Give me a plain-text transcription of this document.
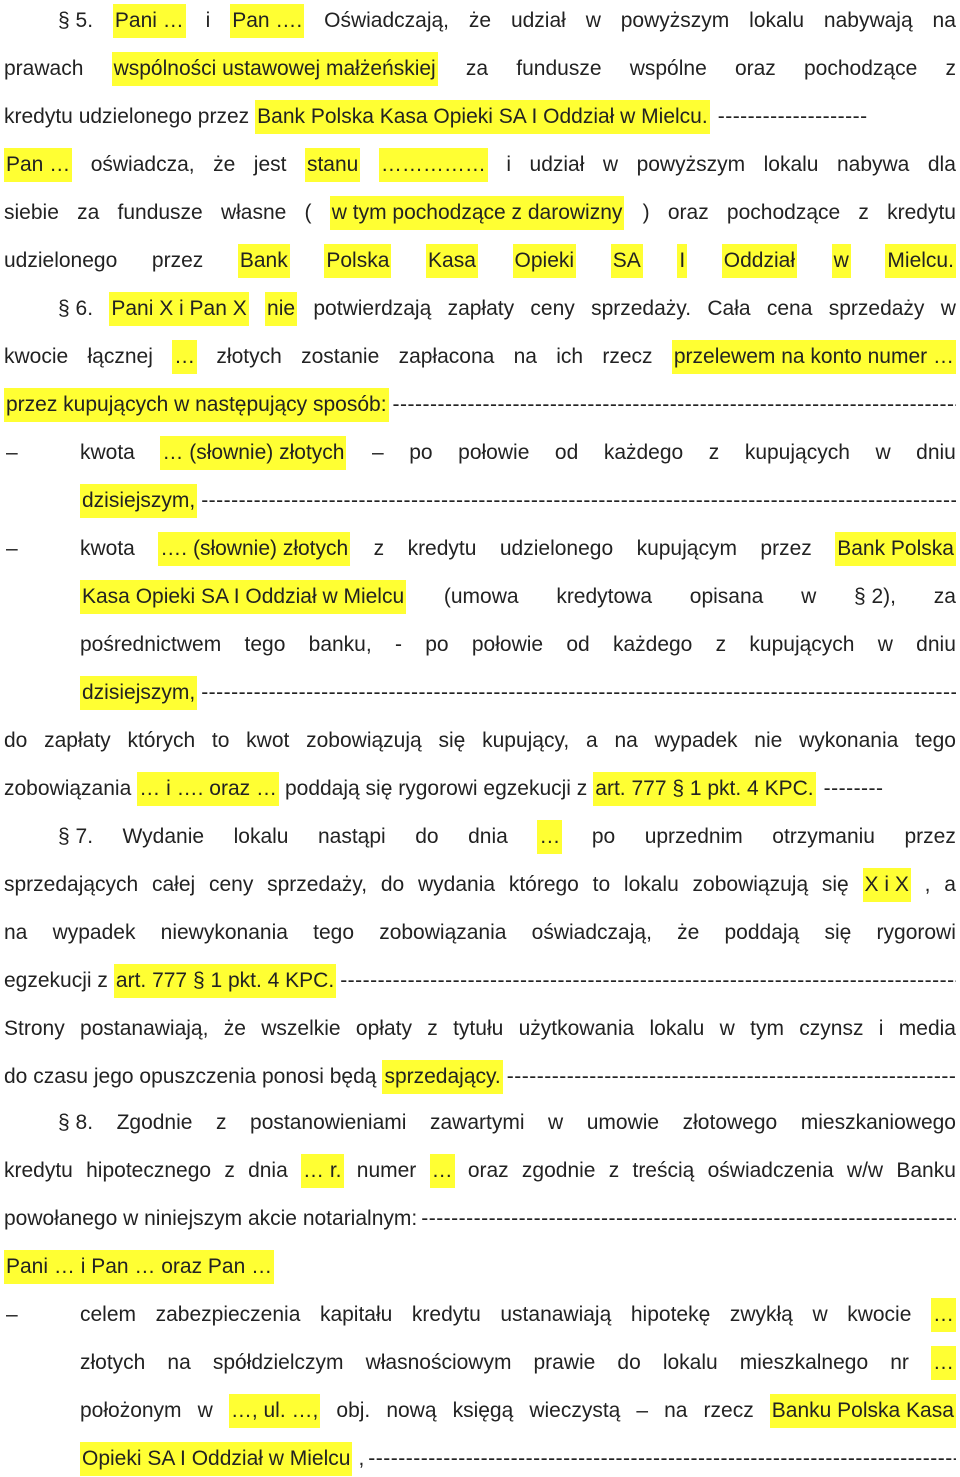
§ 5. Pani … i Pan …. Oświadczają, że udział w powyższym lokalu nabywają na
prawach wspólności ustawowej małżeńskiej za fundusze wspólne oraz pochodzące z
kredytu udzielonego przez Bank Polska Kasa Opieki SA I Oddział w Mielcu. --------------------
Pan … oświadcza, że jest stanu …………… i udział w powyższym lokalu nabywa dla
siebie za fundusze własne ( w tym pochodzące z darowizny ) oraz pochodzące z kredytu
udzielonego przez Bank Polska Kasa Opieki SA I Oddział w Mielcu.
§ 6. Pani X i Pan X nie potwierdzają zapłaty ceny sprzedaży. Cała cena sprzedaży w
kwocie łącznej … złotych zostanie zapłacona na ich rzecz przelewem na konto numer …
przez kupujących w następujący sposób:
-----
–	kwota … (słownie) złotych – po połowie od każdego z kupujących w dniu
dzisiejszym,
-----
–	kwota …. (słownie) złotych z kredytu udzielonego kupującym przez Bank Polska
Kasa Opieki SA I Oddział w Mielcu (umowa kredytowa opisana w § 2), za
pośrednictwem tego banku, - po połowie od każdego z kupujących w dniu
dzisiejszym,
-----
do zapłaty których to kwot zobowiązują się kupujący, a na wypadek nie wykonania tego
zobowiązania … i …. oraz … poddają się rygorowi egzekucji z art. 777 § 1 pkt. 4 KPC. --------
§ 7. Wydanie lokalu nastąpi do dnia … po uprzednim otrzymaniu przez
sprzedających całej ceny sprzedaży, do wydania którego to lokalu zobowiązują się X i X , a
na wypadek niewykonania tego zobowiązania oświadczają, że poddają się rygorowi
egzekucji z art. 777 § 1 pkt. 4 KPC.
-----
Strony postanawiają, że wszelkie opłaty z tytułu użytkowania lokalu w tym czynsz i media
do czasu jego opuszczenia ponosi będą sprzedający.
-----
§ 8. Zgodnie z postanowieniami zawartymi w umowie złotowego mieszkaniowego
kredytu hipotecznego z dnia … r. numer … oraz zgodnie z treścią oświadczenia w/w Banku
powołanego w niniejszym akcie notarialnym:
-----
Pani … i Pan … oraz Pan …
–	celem zabezpieczenia kapitału kredytu ustanawiają hipotekę zwykłą w kwocie …
złotych na spółdzielczym własnościowym prawie do lokalu mieszkalnego nr …
położonym w …, ul. …, obj. nową księgą wieczystą – na rzecz Banku Polska Kasa
Opieki SA I Oddział w Mielcu ,
-----
